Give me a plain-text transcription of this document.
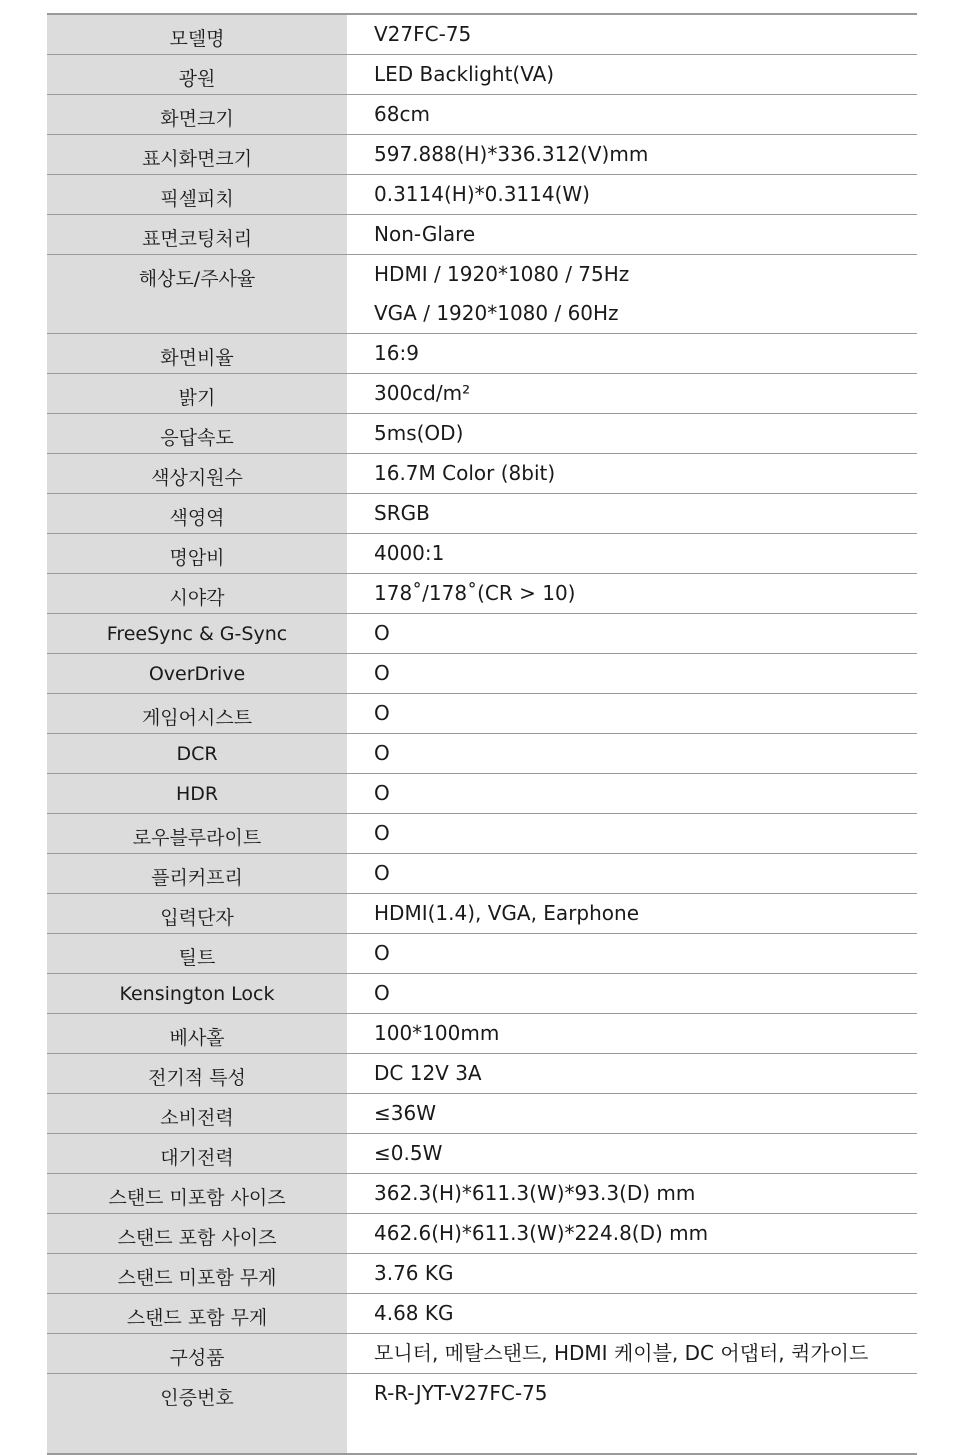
모델명	V27FC-75
광원	LED Backlight(VA)
화면크기	68cm
표시화면크기	597.888(H)*336.312(V)mm
픽셀피치	0.3114(H)*0.3114(W)
표면코팅처리	Non-Glare
해상도/주사율	HDMI / 1920*1080 / 75Hz
VGA / 1920*1080 / 60Hz
화면비율	16:9
밝기	300cd/m²
응답속도	5ms(OD)
색상지원수	16.7M Color (8bit)
색영역	SRGB
명암비	4000:1
시야각	178˚/178˚(CR > 10)
FreeSync & G-Sync	O
OverDrive	O
게임어시스트	O
DCR	O
HDR	O
로우블루라이트	O
플리커프리	O
입력단자	HDMI(1.4), VGA, Earphone
틸트	O
Kensington Lock	O
베사홀	100*100mm
전기적 특성	DC 12V 3A
소비전력	≤36W
대기전력	≤0.5W
스탠드 미포함 사이즈	362.3(H)*611.3(W)*93.3(D) mm
스탠드 포함 사이즈	462.6(H)*611.3(W)*224.8(D) mm
스탠드 미포함 무게	3.76 KG
스탠드 포함 무게	4.68 KG
구성품	모니터, 메탈스탠드, HDMI 케이블, DC 어댑터, 퀵가이드
인증번호	R-R-JYT-V27FC-75
